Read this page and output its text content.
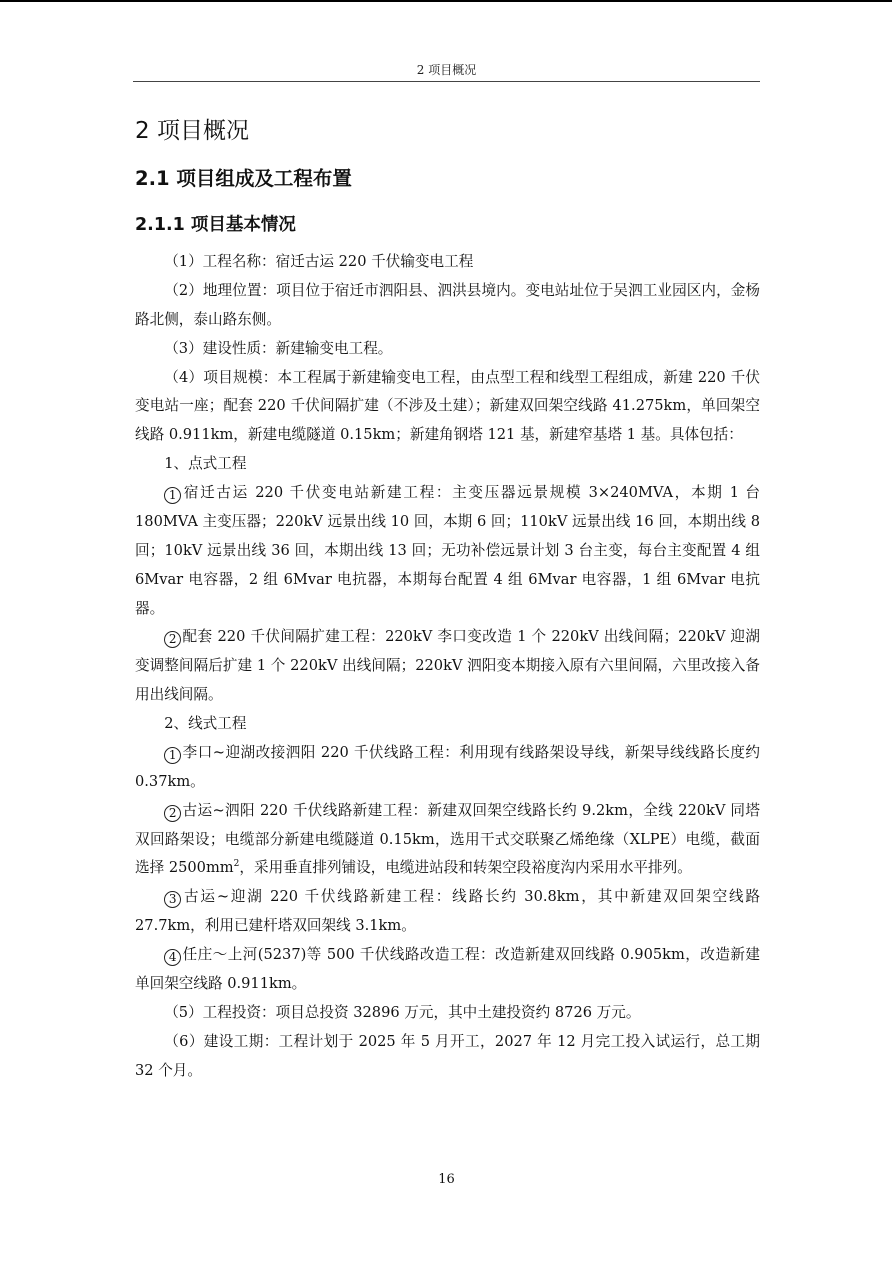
2 项目概况
2 项目概况
2.1 项目组成及工程布置
2.1.1 项目基本情况

（1）工程名称：宿迁古运 220 千伏输变电工程

（2）地理位置：项目位于宿迁市泗阳县、泗洪县境内。变电站址位于吴泗工业园区内，金杨路北侧，泰山路东侧。

（3）建设性质：新建输变电工程。

（4）项目规模：本工程属于新建输变电工程，由点型工程和线型工程组成，新建 220 千伏变电站一座；配套 220 千伏间隔扩建（不涉及土建）；新建双回架空线路 41.275km，单回架空线路 0.911km，新建电缆隧道 0.15km；新建角钢塔 121 基，新建窄基塔 1 基。具体包括：

1、点式工程

1 宿迁古运 220 千伏变电站新建工程：主变压器远景规模 3×240MVA，本期 1 台 180MVA 主变压器；220kV 远景出线 10 回，本期 6 回；110kV 远景出线 16 回，本期出线 8 回；10kV 远景出线 36 回，本期出线 13 回；无功补偿远景计划 3 台主变，每台主变配置 4 组 6Mvar 电容器，2 组 6Mvar 电抗器，本期每台配置 4 组 6Mvar 电容器，1 组 6Mvar 电抗器。

2 配套 220 千伏间隔扩建工程：220kV 李口变改造 1 个 220kV 出线间隔；220kV 迎湖变调整间隔后扩建 1 个 220kV 出线间隔；220kV 泗阳变本期接入原有六里间隔，六里改接入备用出线间隔。

2、线式工程

1 李口~迎湖改接泗阳 220 千伏线路工程：利用现有线路架设导线，新架导线线路长度约 0.37km。

2 古运~泗阳 220 千伏线路新建工程：新建双回架空线路长约 9.2km，全线 220kV 同塔双回路架设；电缆部分新建电缆隧道 0.15km，选用干式交联聚乙烯绝缘（XLPE）电缆，截面选择 $2500mm^2$，采用垂直排列铺设，电缆进站段和转架空段裕度沟内采用水平排列。

3 古运~迎湖 220 千伏线路新建工程：线路长约 30.8km，其中新建双回架空线路 27.7km，利用已建杆塔双回架线 3.1km。

4 任庄～上河(5237)等 500 千伏线路改造工程：改造新建双回线路 0.905km，改造新建单回架空线路 0.911km。

（5）工程投资：项目总投资 32896 万元，其中土建投资约 8726 万元。

（6）建设工期：工程计划于 2025 年 5 月开工，2027 年 12 月完工投入试运行，总工期 32 个月。

16
